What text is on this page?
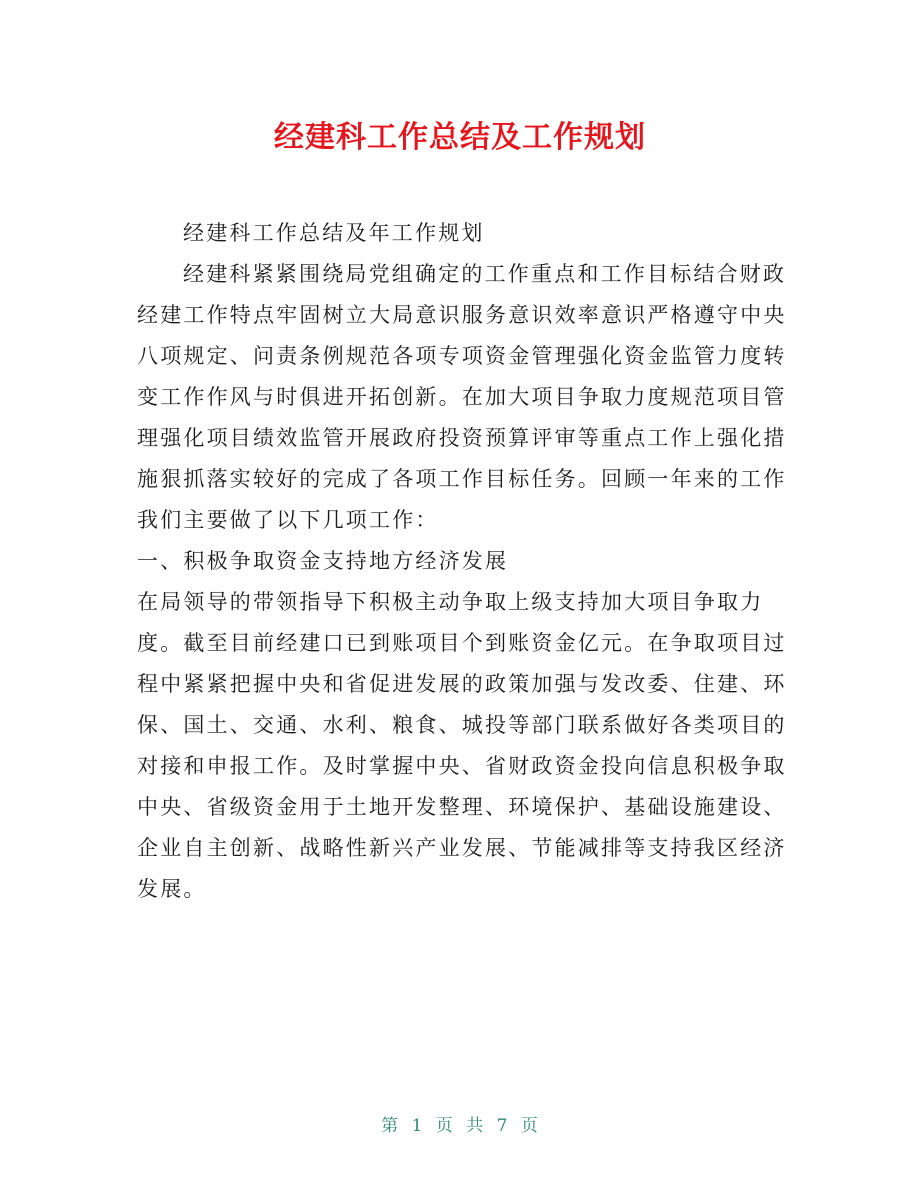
经建科工作总结及工作规划

经建科工作总结及年工作规划

经建科紧紧围绕局党组确定的工作重点和工作目标结合财政经建工作特点牢固树立大局意识服务意识效率意识严格遵守中央八项规定、问责条例规范各项专项资金管理强化资金监管力度转变工作作风与时俱进开拓创新。在加大项目争取力度规范项目管理强化项目绩效监管开展政府投资预算评审等重点工作上强化措施狠抓落实较好的完成了各项工作目标任务。回顾一年来的工作我们主要做了以下几项工作：

一、积极争取资金支持地方经济发展

在局领导的带领指导下积极主动争取上级支持加大项目争取力度。截至目前经建口已到账项目个到账资金亿元。在争取项目过程中紧紧把握中央和省促进发展的政策加强与发改委、住建、环保、国土、交通、水利、粮食、城投等部门联系做好各类项目的对接和申报工作。及时掌握中央、省财政资金投向信息积极争取中央、省级资金用于土地开发整理、环境保护、基础设施建设、企业自主创新、战略性新兴产业发展、节能减排等支持我区经济发展。

第 1 页 共 7 页
